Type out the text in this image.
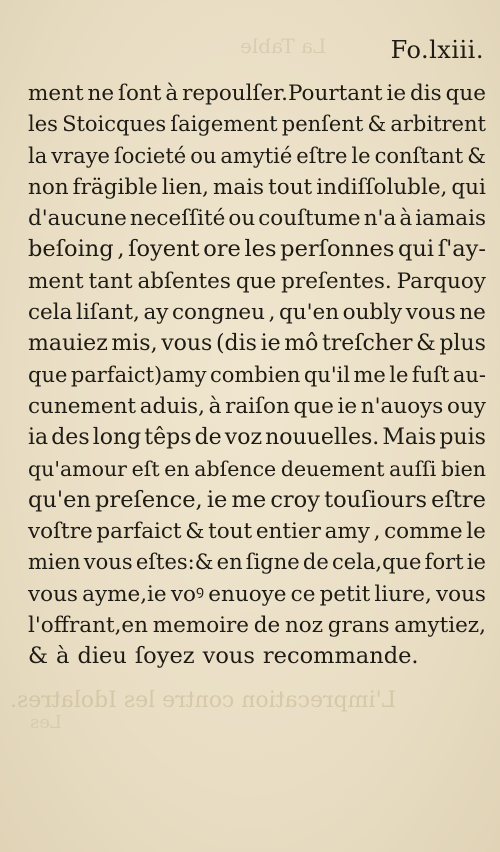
La Table	Fo.lxiii.
ment ne ſont à repoulſer.Pourtant ie dis que
les Stoicques ſaigement penſent & arbitrent
la vraye ſocieté ou amytié eſtre le conſtant &
non frägible lien, mais tout indiſſoluble, qui
d'aucune neceſſité ou couſtume n'a à iamais
beſoing , ſoyent ore les perſonnes qui ſ'ay-
ment tant abſentes que preſentes. Parquoy
cela liſant, ay congneu , qu'en oubly vous ne
mauiez mis, vous (dis ie mô treſcher & plus
que parfaict)amy combien qu'il me le fuſt au-
cunement aduis, à raiſon que ie n'auoys ouy
ia des long têps de voz nouuelles. Mais puis
qu'amour eſt en abſence deuement auſſi bien
qu'en preſence, ie me croy touſiours eſtre
voſtre parfaict & tout entier amy , comme le
mien vous eſtes:& en ſigne de cela,que fort ie
vous ayme,ie voꝰ enuoye ce petit liure, vous
l'offrant,en memoire de noz grans amytiez,
& à dieu ſoyez vous recommande.
L'imprecation contre les Idolatres.
Les
